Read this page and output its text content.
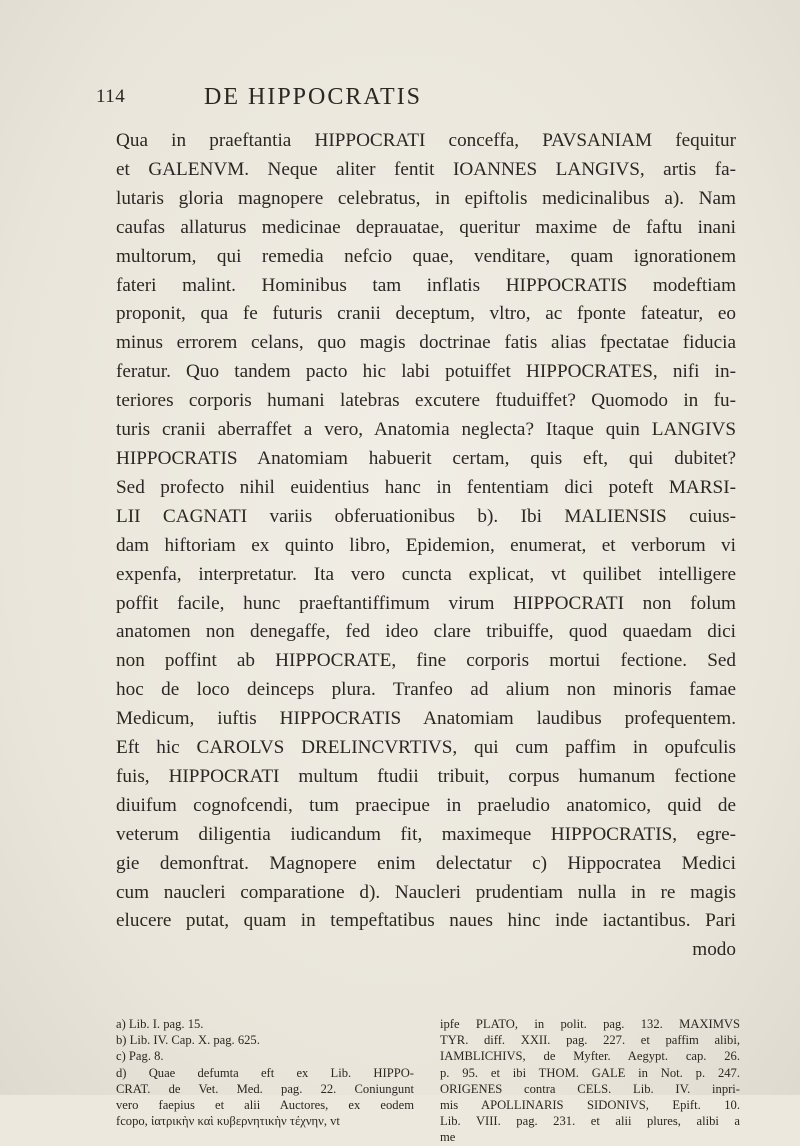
114	DE HIPPOCRATIS
Qua in praeftantia HIPPOCRATI conceffa, PAVSANIAM fequitur
et GALENVM. Neque aliter fentit IOANNES LANGIVS, artis fa-
lutaris gloria magnopere celebratus, in epiftolis medicinalibus a). Nam
caufas allaturus medicinae deprauatae, queritur maxime de faftu inani
multorum, qui remedia nefcio quae, venditare, quam ignorationem
fateri malint. Hominibus tam inflatis HIPPOCRATIS modeftiam
proponit, qua fe futuris cranii deceptum, vltro, ac fponte fateatur, eo
minus errorem celans, quo magis doctrinae fatis alias fpectatae fiducia
feratur. Quo tandem pacto hic labi potuiffet HIPPOCRATES, nifi in-
teriores corporis humani latebras excutere ftuduiffet? Quomodo in fu-
turis cranii aberraffet a vero, Anatomia neglecta? Itaque quin LANGIVS
HIPPOCRATIS Anatomiam habuerit certam, quis eft, qui dubitet?
Sed profecto nihil euidentius hanc in fententiam dici poteft MARSI-
LII CAGNATI variis obferuationibus b). Ibi MALIENSIS cuius-
dam hiftoriam ex quinto libro, Epidemion, enumerat, et verborum vi
expenfa, interpretatur. Ita vero cuncta explicat, vt quilibet intelligere
poffit facile, hunc praeftantiffimum virum HIPPOCRATI non folum
anatomen non denegaffe, fed ideo clare tribuiffe, quod quaedam dici
non poffint ab HIPPOCRATE, fine corporis mortui fectione. Sed
hoc de loco deinceps plura. Tranfeo ad alium non minoris famae
Medicum, iuftis HIPPOCRATIS Anatomiam laudibus profequentem.
Eft hic CAROLVS DRELINCVRTIVS, qui cum paffim in opufculis
fuis, HIPPOCRATI multum ftudii tribuit, corpus humanum fectione
diuifum cognofcendi, tum praecipue in praeludio anatomico, quid de
veterum diligentia iudicandum fit, maximeque HIPPOCRATIS, egre-
gie demonftrat. Magnopere enim delectatur c) Hippocratea Medici
cum naucleri comparatione d). Naucleri prudentiam nulla in re magis
elucere putat, quam in tempeftatibus naues hinc inde iactantibus. Pari
modo
a) Lib. I. pag. 15.
b) Lib. IV. Cap. X. pag. 625.
c) Pag. 8.
d) Quae defumta eft ex Lib. HIPPO-
CRAT. de Vet. Med. pag. 22. Coniungunt
vero faepius et alii Auctores, ex eodem
fcopo, ἰατρικὴν καὶ κυβερνητικὴν τέχνην, vt
ipfe PLATO, in polit. pag. 132. MAXIMVS
TYR. diff. XXII. pag. 227. et paffim alibi,
IAMBLICHIVS, de Myfter. Aegypt. cap. 26.
p. 95. et ibi THOM. GALE in Not. p. 247.
ORIGENES contra CELS. Lib. IV. inpri-
mis APOLLINARIS SIDONIVS, Epift. 10.
Lib. VIII. pag. 231. et alii plures, alibi a
me
